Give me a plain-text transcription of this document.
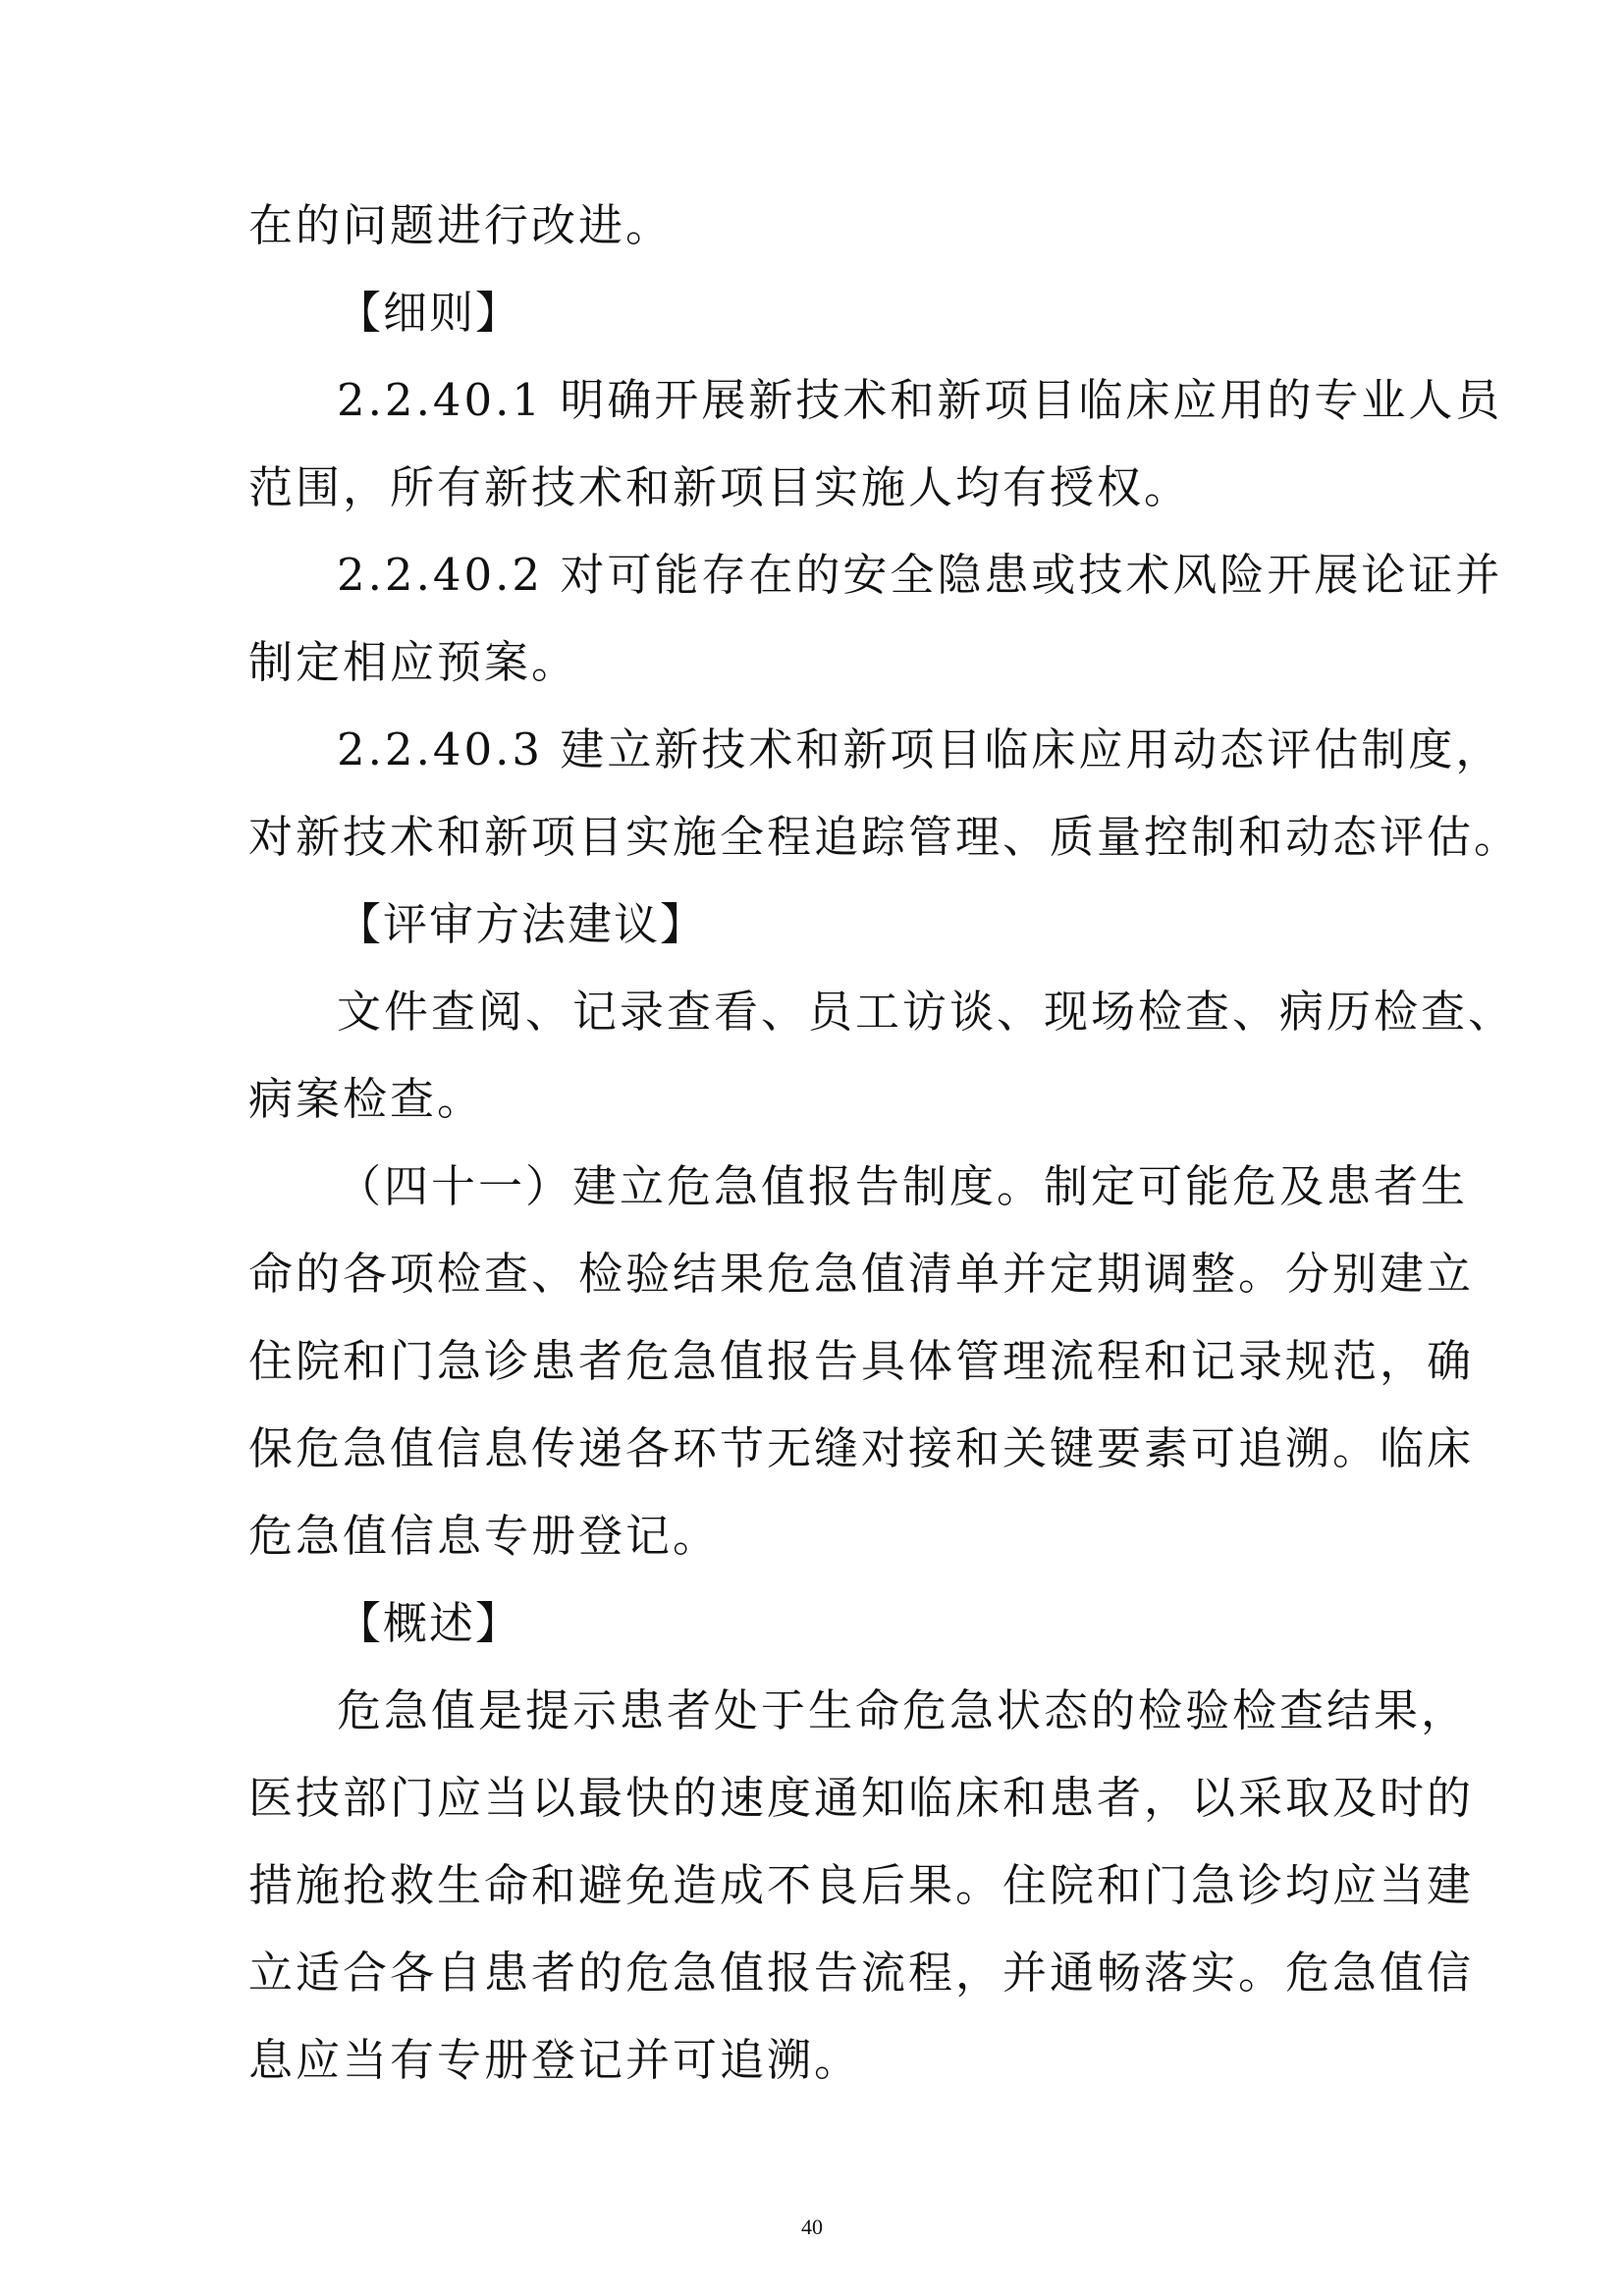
在的问题进行改进。
【细则】
2.2.40.1 明确开展新技术和新项目临床应用的专业人员
范围，所有新技术和新项目实施人均有授权。
2.2.40.2 对可能存在的安全隐患或技术风险开展论证并
制定相应预案。
2.2.40.3 建立新技术和新项目临床应用动态评估制度，
对新技术和新项目实施全程追踪管理、质量控制和动态评估。
【评审方法建议】
文件查阅、记录查看、员工访谈、现场检查、病历检查、
病案检查。
（四十一）建立危急值报告制度。制定可能危及患者生
命的各项检查、检验结果危急值清单并定期调整。分别建立
住院和门急诊患者危急值报告具体管理流程和记录规范，确
保危急值信息传递各环节无缝对接和关键要素可追溯。临床
危急值信息专册登记。
【概述】
危急值是提示患者处于生命危急状态的检验检查结果，
医技部门应当以最快的速度通知临床和患者，以采取及时的
措施抢救生命和避免造成不良后果。住院和门急诊均应当建
立适合各自患者的危急值报告流程，并通畅落实。危急值信
息应当有专册登记并可追溯。
40
